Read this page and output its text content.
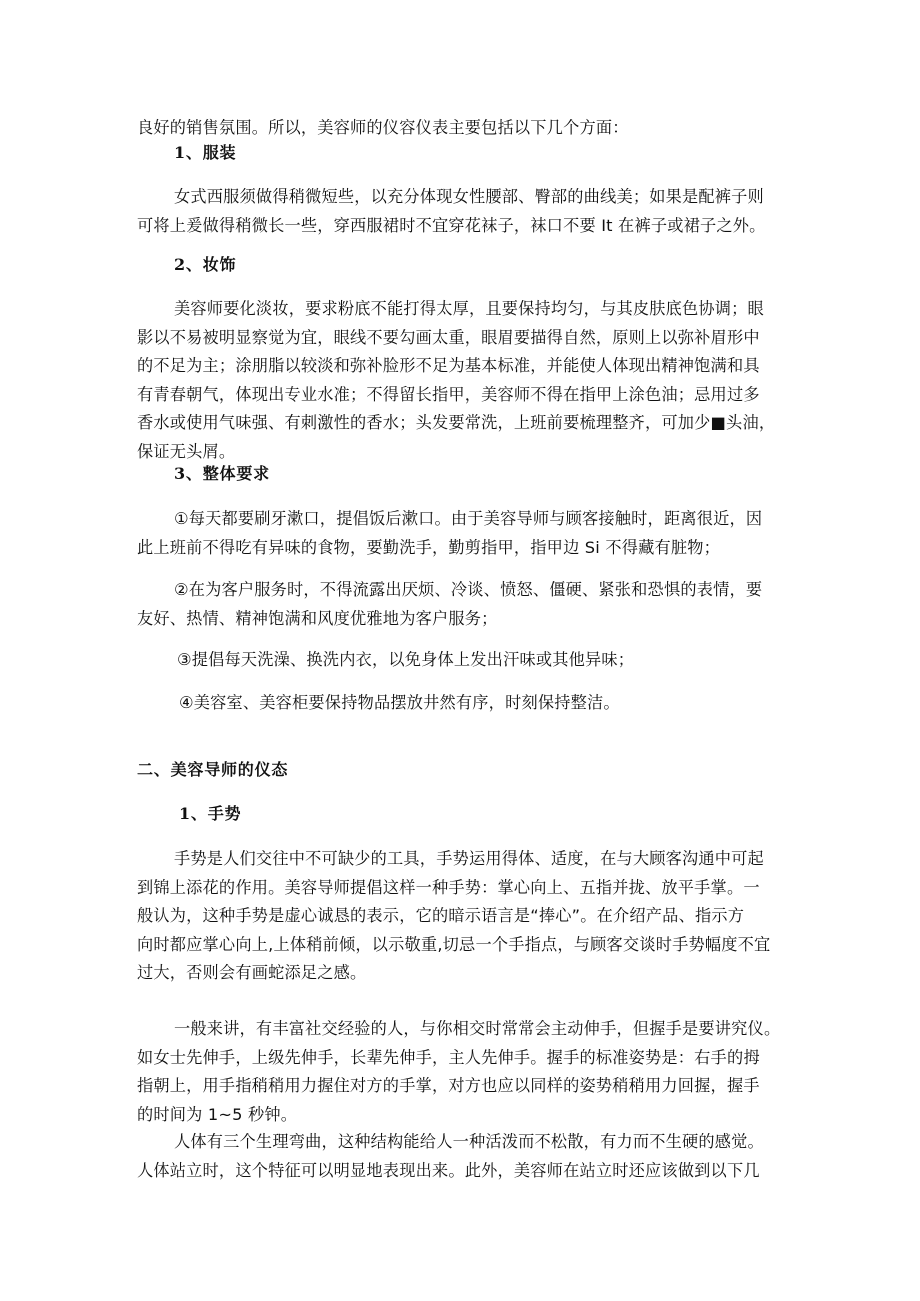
良好的销售氛围。所以，美容师的仪容仪表主要包括以下几个方面：

1、服装

女式西服须做得稍微短些，以充分体现女性腰部、臀部的曲线美；如果是配裤子则
可将上爰做得稍微长一些，穿西服裙时不宜穿花袜子，袜口不要 It 在裤子或裙子之外。

2、妆饰

美容师要化淡妆，要求粉底不能打得太厚，且要保持均匀，与其皮肤底色协调；眼
影以不易被明显察觉为宜，眼线不要勾画太重，眼眉要描得自然，原则上以弥补眉形中
的不足为主；涂朋脂以较淡和弥补脸形不足为基本标准，并能使人体现出精神饱满和具
有青春朝气，体现出专业水准；不得留长指甲，美容师不得在指甲上涂色油；忌用过多
香水或使用气味强、有刺激性的香水；头发要常洗，上班前要梳理整齐，可加少■头油，
保证无头屑。

3、整体要求

①每天都要刷牙漱口，提倡饭后漱口。由于美容导师与顾客接触时，距离很近，因
此上班前不得吃有异味的食物，要勤洗手，勤剪指甲，指甲边 Si 不得藏有脏物；

②在为客户服务时，不得流露出厌烦、冷谈、愤怒、僵硬、紧张和恐惧的表情，要
友好、热情、精神饱满和风度优雅地为客户服务；

③提倡每天洗澡、换洗内衣，以免身体上发出汗味或其他异味；

④美容室、美容柜要保持物品摆放井然有序，时刻保持整洁。

二、美容导师的仪态
1、手势

手势是人们交往中不可缺少的工具，手势运用得体、适度，在与大顾客沟通中可起
到锦上添花的作用。美容导师提倡这样一种手势：掌心向上、五指并拢、放平手掌。一
般认为，这种手势是虚心诚恳的表示，它的暗示语言是“捧心”。在介绍产品、指示方
向时都应掌心向上,上体稍前倾，以示敬重,切忌一个手指点，与顾客交谈时手势幅度不宜
过大，否则会有画蛇添足之感。

一般来讲，有丰富社交经验的人，与你相交时常常会主动伸手，但握手是要讲究仪。
如女士先伸手，上级先伸手，长辈先伸手，主人先伸手。握手的标准姿势是：右手的拇
指朝上，用手指稍稍用力握住对方的手掌，对方也应以同样的姿势稍稍用力回握，握手
的时间为 1~5 秒钟。

人体有三个生理弯曲，这种结构能给人一种活泼而不松散，有力而不生硬的感觉。
人体站立时，这个特征可以明显地表现出来。此外，美容师在站立时还应该做到以下几
